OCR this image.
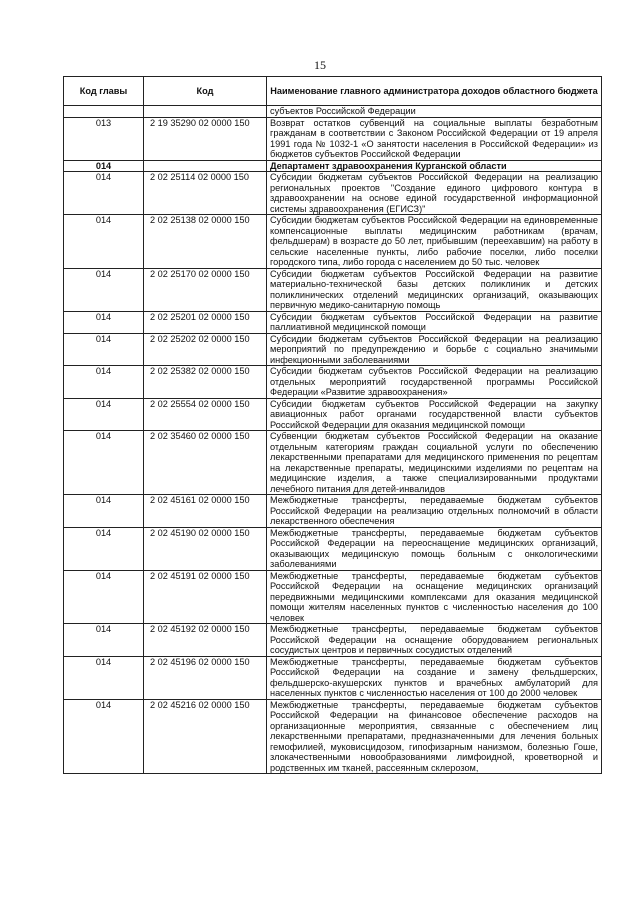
15
Код главы	Код	Наименование главного администратора доходов областного бюджета
		субъектов Российской Федерации
013	2 19 35290 02 0000 150	Возврат остатков субвенций на социальные выплаты безработным гражданам в соответствии с Законом Российской Федерации от 19 апреля 1991 года № 1032-1 «О занятости населения в Российской Федерации» из бюджетов субъектов Российской Федерации
014		Департамент здравоохранения Курганской области
014	2 02 25114 02 0000 150	Субсидии бюджетам субъектов Российской Федерации на реализацию региональных проектов "Создание единого цифрового контура в здравоохранении на основе единой государственной информационной системы здравоохранения (ЕГИСЗ)"
014	2 02 25138 02 0000 150	Субсидии бюджетам субъектов Российской Федерации на единовременные компенсационные выплаты медицинским работникам (врачам, фельдшерам) в возрасте до 50 лет, прибывшим (переехавшим) на работу в сельские населенные пункты, либо рабочие поселки, либо поселки городского типа, либо города с населением до 50 тыс. человек
014	2 02 25170 02 0000 150	Субсидии бюджетам субъектов Российской Федерации на развитие материально-технической базы детских поликлиник и детских поликлинических отделений медицинских организаций, оказывающих первичную медико-санитарную помощь
014	2 02 25201 02 0000 150	Субсидии бюджетам субъектов Российской Федерации на развитие паллиативной медицинской помощи
014	2 02 25202 02 0000 150	Субсидии бюджетам субъектов Российской Федерации на реализацию мероприятий по предупреждению и борьбе с социально значимыми инфекционными заболеваниями
014	2 02 25382 02 0000 150	Субсидии бюджетам субъектов Российской Федерации на реализацию отдельных мероприятий государственной программы Российской Федерации «Развитие здравоохранения»
014	2 02 25554 02 0000 150	Субсидии бюджетам субъектов Российской Федерации на закупку авиационных работ органами государственной власти субъектов Российской Федерации для оказания медицинской помощи
014	2 02 35460 02 0000 150	Субвенции бюджетам субъектов Российской Федерации на оказание отдельным категориям граждан социальной услуги по обеспечению лекарственными препаратами для медицинского применения по рецептам на лекарственные препараты, медицинскими изделиями по рецептам на медицинские изделия, а также специализированными продуктами лечебного питания для детей-инвалидов
014	2 02 45161 02 0000 150	Межбюджетные трансферты, передаваемые бюджетам субъектов Российской Федерации на реализацию отдельных полномочий в области лекарственного обеспечения
014	2 02 45190 02 0000 150	Межбюджетные трансферты, передаваемые бюджетам субъектов Российской Федерации на переоснащение медицинских организаций, оказывающих медицинскую помощь больным с онкологическими заболеваниями
014	2 02 45191 02 0000 150	Межбюджетные трансферты, передаваемые бюджетам субъектов Российской Федерации на оснащение медицинских организаций передвижными медицинскими комплексами для оказания медицинской помощи жителям населенных пунктов с численностью населения до 100 человек
014	2 02 45192 02 0000 150	Межбюджетные трансферты, передаваемые бюджетам субъектов Российской Федерации на оснащение оборудованием региональных сосудистых центров и первичных сосудистых отделений
014	2 02 45196 02 0000 150	Межбюджетные трансферты, передаваемые бюджетам субъектов Российской Федерации на создание и замену фельдшерских, фельдшерско-акушерских пунктов и врачебных амбулаторий для населенных пунктов с численностью населения от 100 до 2000 человек
014	2 02 45216 02 0000 150	Межбюджетные трансферты, передаваемые бюджетам субъектов Российской Федерации на финансовое обеспечение расходов на организационные мероприятия, связанные с обеспечением лиц лекарственными препаратами, предназначенными для лечения больных гемофилией, муковисцидозом, гипофизарным нанизмом, болезнью Гоше, злокачественными новообразованиями лимфоидной, кроветворной и родственных им тканей, рассеянным склерозом,
